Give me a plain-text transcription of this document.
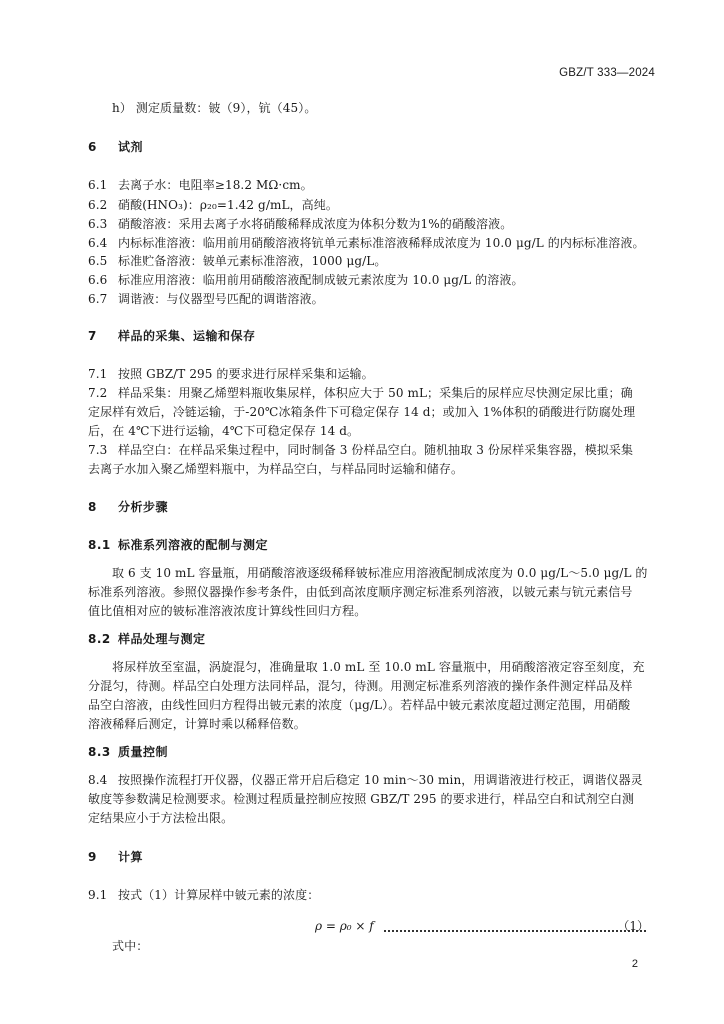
GBZ/T 333—2024
h） 测定质量数：铍（9），钪（45）。
6 试剂
6.1 去离子水：电阻率≥18.2 MΩ·cm。
6.2 硝酸(HNO₃)：ρ₂₀=1.42 g/mL，高纯。
6.3 硝酸溶液：采用去离子水将硝酸稀释成浓度为体积分数为1%的硝酸溶液。
6.4 内标标准溶液：临用前用硝酸溶液将钪单元素标准溶液稀释成浓度为 10.0 μg/L 的内标标准溶液。
6.5 标准贮备溶液：铍单元素标准溶液，1000 μg/L。
6.6 标准应用溶液：临用前用硝酸溶液配制成铍元素浓度为 10.0 μg/L 的溶液。
6.7 调谐液：与仪器型号匹配的调谐溶液。
7 样品的采集、运输和保存
7.1 按照 GBZ/T 295 的要求进行尿样采集和运输。
7.2 样品采集：用聚乙烯塑料瓶收集尿样，体积应大于 50 mL；采集后的尿样应尽快测定尿比重；确
定尿样有效后，冷链运输，于-20℃冰箱条件下可稳定保存 14 d；或加入 1%体积的硝酸进行防腐处理
后，在 4℃下进行运输，4℃下可稳定保存 14 d。
7.3 样品空白：在样品采集过程中，同时制备 3 份样品空白。随机抽取 3 份尿样采集容器，模拟采集
去离子水加入聚乙烯塑料瓶中，为样品空白，与样品同时运输和储存。
8 分析步骤
8.1 标准系列溶液的配制与测定
取 6 支 10 mL 容量瓶，用硝酸溶液逐级稀释铍标准应用溶液配制成浓度为 0.0 μg/L～5.0 μg/L 的
标准系列溶液。参照仪器操作参考条件，由低到高浓度顺序测定标准系列溶液，以铍元素与钪元素信号
值比值相对应的铍标准溶液浓度计算线性回归方程。
8.2 样品处理与测定
将尿样放至室温，涡旋混匀，准确量取 1.0 mL 至 10.0 mL 容量瓶中，用硝酸溶液定容至刻度，充
分混匀，待测。样品空白处理方法同样品，混匀，待测。用测定标准系列溶液的操作条件测定样品及样
品空白溶液，由线性回归方程得出铍元素的浓度（μg/L）。若样品中铍元素浓度超过测定范围，用硝酸
溶液稀释后测定，计算时乘以稀释倍数。
8.3 质量控制
8.4 按照操作流程打开仪器，仪器正常开启后稳定 10 min～30 min，用调谐液进行校正，调谐仪器灵
敏度等参数满足检测要求。检测过程质量控制应按照 GBZ/T 295 的要求进行，样品空白和试剂空白测
定结果应小于方法检出限。
9 计算
9.1 按式（1）计算尿样中铍元素的浓度：
ρ = ρ₀ × f	（1）
式中：
2
